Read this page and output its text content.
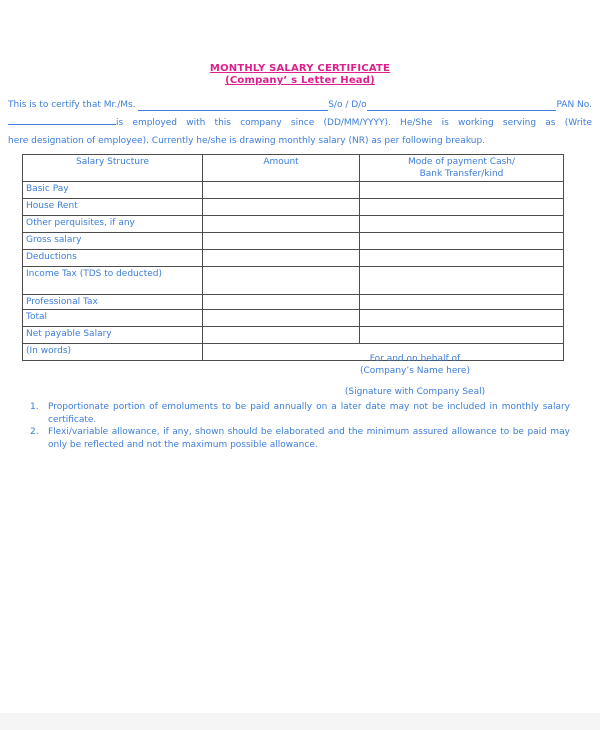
MONTHLY SALARY CERTIFICATE
(Company’ s Letter Head)
This is to certify that Mr./Ms.	S/o / D/o	PAN No.
is employed with this company since (DD/MM/YYYY). He/She is working serving as (Write
here designation of employee). Currently he/she is drawing monthly salary (NR) as per following breakup.
Salary Structure	Amount	Mode of payment Cash/
Bank Transfer/kind

Basic Pay		
House Rent		
Other perquisites, if any		
Gross salary		
Deductions		
Income Tax (TDS to deducted)		
Professional Tax		
Total		
Net payable Salary		
(In words)		
For and on behalf of
(Company’s Name here)
(Signature with Company Seal)
1.	Proportionate portion of emoluments to be paid annually on a later date may not be included in monthly salary certificate.
2.	Flexi/variable allowance, if any, shown should be elaborated and the minimum assured allowance to be paid may only be reflected and not the maximum possible allowance.
